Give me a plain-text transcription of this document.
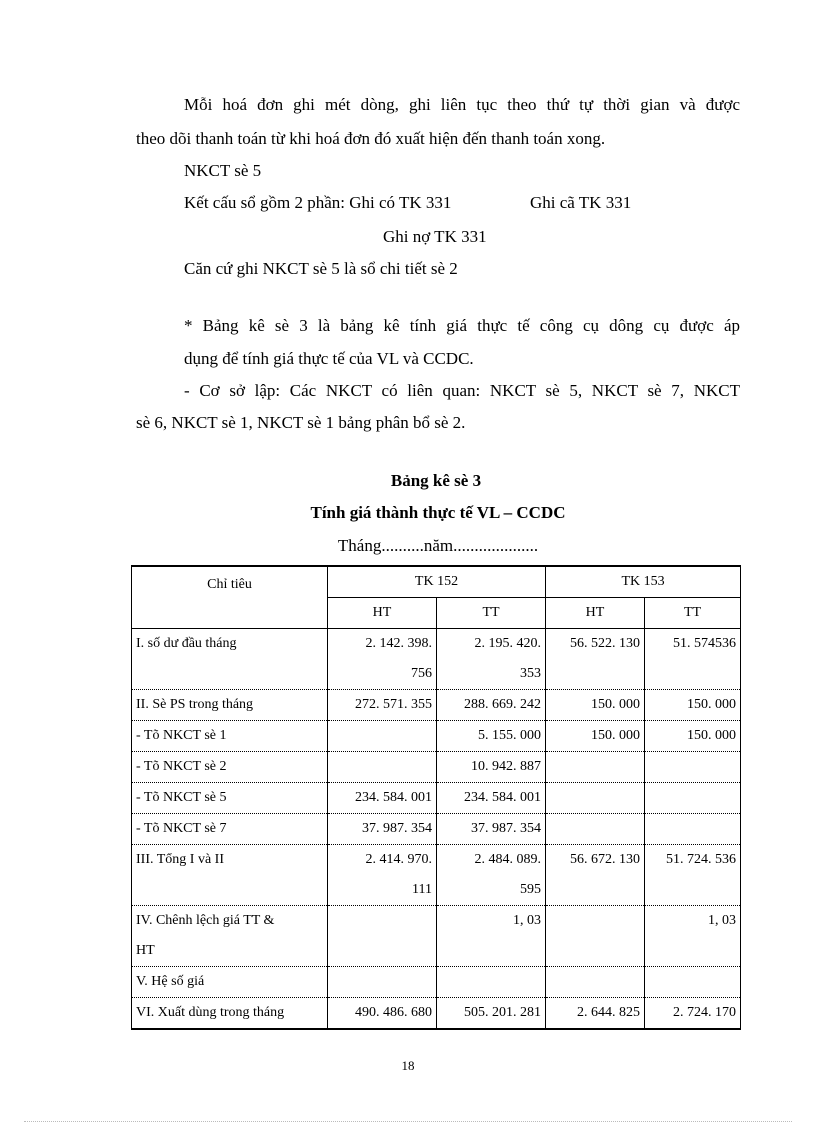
Mỗi hoá đơn ghi mét dòng, ghi liên tục theo thứ tự thời gian và được
theo dõi thanh toán từ khi hoá đơn đó xuất hiện đến thanh toán xong.
NKCT sè 5
Kết cấu sổ gồm 2 phần: Ghi có TK 331	Ghi cã TK 331
Ghi nợ TK 331
Căn cứ ghi NKCT sè 5 là sổ chi tiết sè 2
* Bảng kê sè 3 là bảng kê tính giá thực tế công cụ dông cụ được áp
dụng để tính giá thực tế của VL và CCDC.
- Cơ sở lập: Các NKCT có liên quan: NKCT sè 5, NKCT sè 7, NKCT
sè 6, NKCT sè 1, NKCT sè 1 bảng phân bổ sè 2.
Bảng kê sè 3
Tính giá thành thực tế VL – CCDC
Tháng..........năm....................
Chỉ tiêu	TK 152		TK 153	
	HT	TT	HT	TT
I. số dư đầu tháng	2. 142. 398.
756	2. 195. 420.
353	56. 522. 130	51. 574536
II. Sè PS trong tháng	272. 571. 355	288. 669. 242	150. 000	150. 000
- Tõ NKCT sè 1		5. 155. 000	150. 000	150. 000
- Tõ NKCT sè 2		10. 942. 887		
- Tõ NKCT sè 5	234. 584. 001	234. 584. 001		
- Tõ NKCT sè 7	37. 987. 354	37. 987. 354		
III. Tổng I và II	2. 414. 970.
111	2. 484. 089.
595	56. 672. 130	51. 724. 536
IV. Chênh lệch giá TT &
HT		1, 03		1, 03
V. Hệ số giá				
VI. Xuất dùng trong tháng	490. 486. 680	505. 201. 281	2. 644. 825	2. 724. 170
18
